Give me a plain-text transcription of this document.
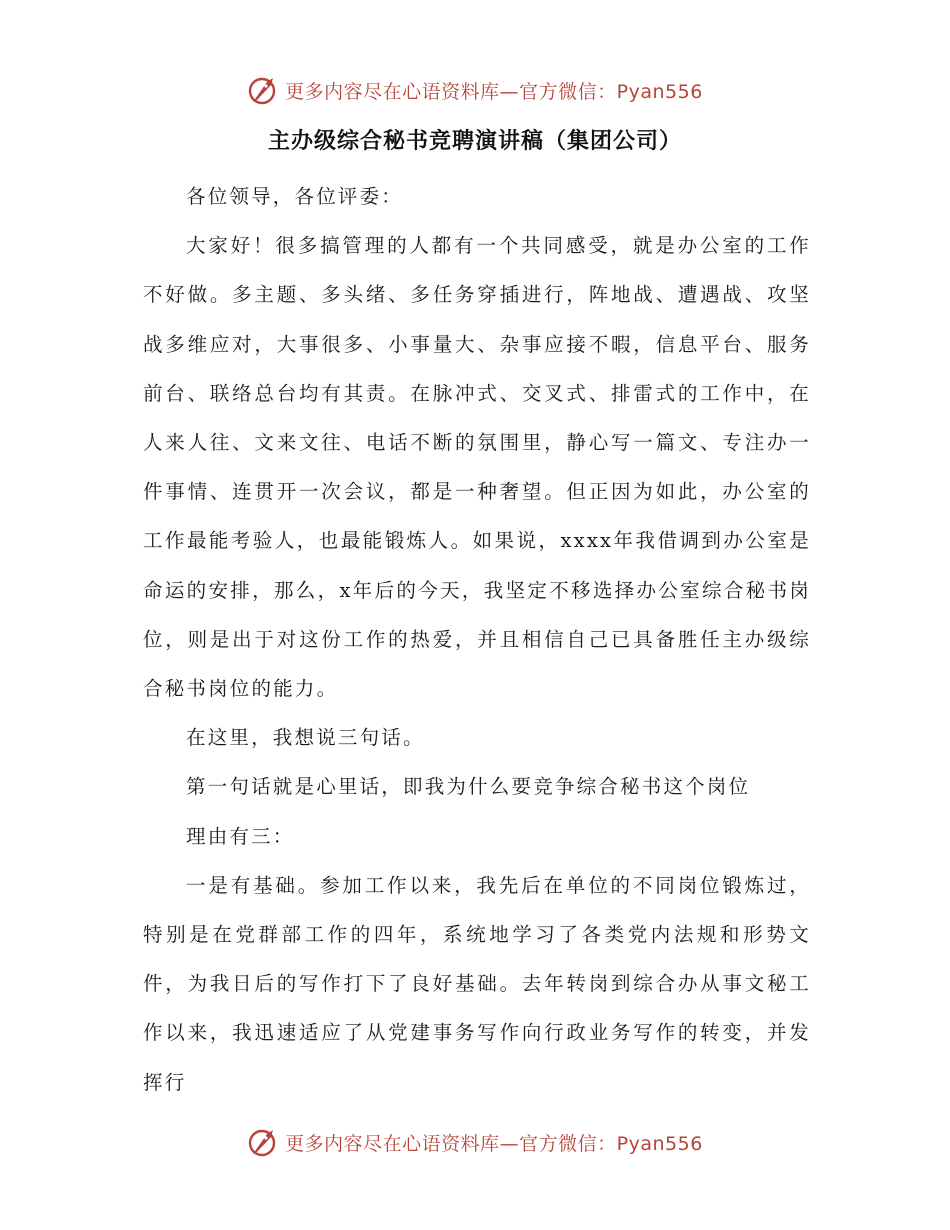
更多内容尽在心语资料库—官方微信：Pyan556
主办级综合秘书竞聘演讲稿（集团公司）

各位领导，各位评委：

大家好！很多搞管理的人都有一个共同感受，就是办公室的工作不好做。多主题、多头绪、多任务穿插进行，阵地战、遭遇战、攻坚战多维应对，大事很多、小事量大、杂事应接不暇，信息平台、服务前台、联络总台均有其责。在脉冲式、交叉式、排雷式的工作中，在人来人往、文来文往、电话不断的氛围里，静心写一篇文、专注办一件事情、连贯开一次会议，都是一种奢望。但正因为如此，办公室的工作最能考验人，也最能锻炼人。如果说，xxxx年我借调到办公室是命运的安排，那么，x年后的今天，我坚定不移选择办公室综合秘书岗位，则是出于对这份工作的热爱，并且相信自己已具备胜任主办级综合秘书岗位的能力。

在这里，我想说三句话。

第一句话就是心里话，即我为什么要竞争综合秘书这个岗位

理由有三：

一是有基础。参加工作以来，我先后在单位的不同岗位锻炼过，特别是在党群部工作的四年，系统地学习了各类党内法规和形势文件，为我日后的写作打下了良好基础。去年转岗到综合办从事文秘工作以来，我迅速适应了从党建事务写作向行政业务写作的转变，并发挥行

更多内容尽在心语资料库—官方微信：Pyan556
